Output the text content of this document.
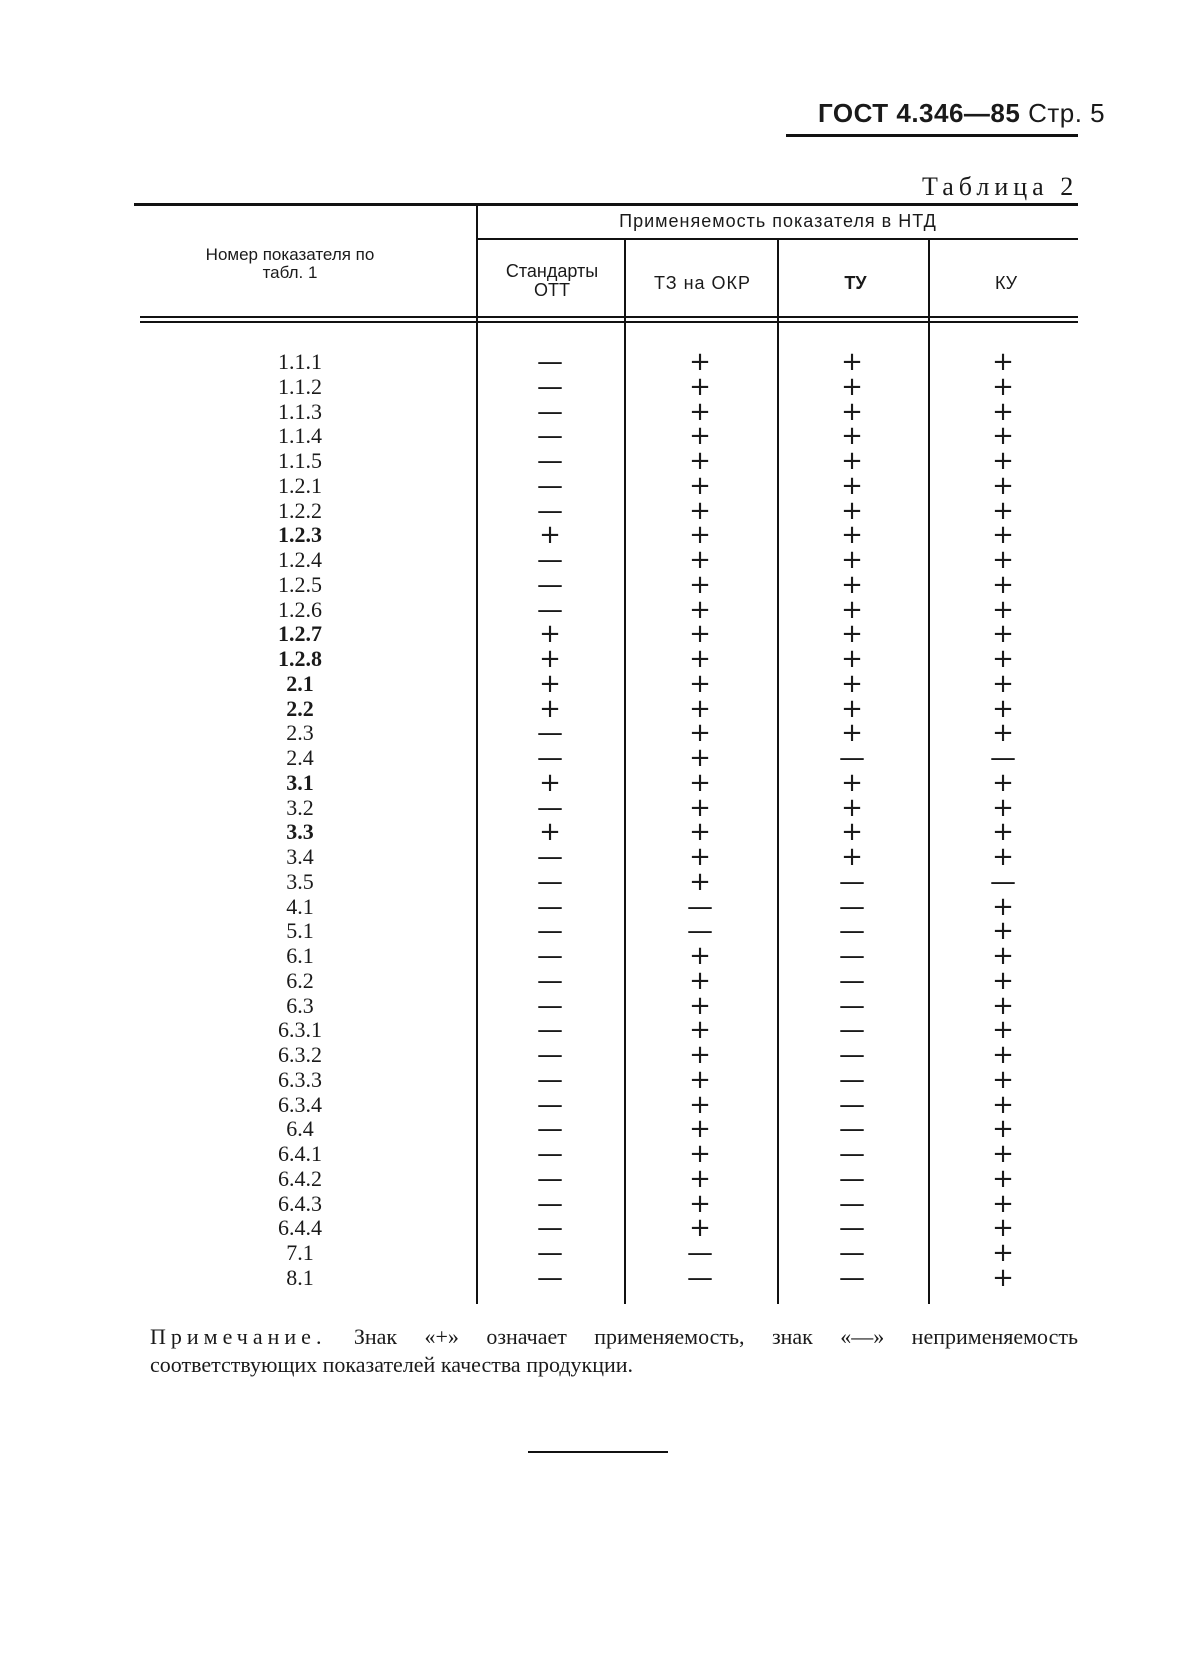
ГОСТ 4.346—85 Стр. 5
Таблица 2
Номер показателя по табл. 1
Применяемость показателя в НТД
Стандарты ОТТ	ТЗ на ОКР	ТУ	КУ
1.1.1	—	+	+	+
1.1.2	—	+	+	+
1.1.3	—	+	+	+
1.1.4	—	+	+	+
1.1.5	—	+	+	+
1.2.1	—	+	+	+
1.2.2	—	+	+	+
1.2.3	+	+	+	+
1.2.4	—	+	+	+
1.2.5	—	+	+	+
1.2.6	—	+	+	+
1.2.7	+	+	+	+
1.2.8	+	+	+	+
2.1	+	+	+	+
2.2	+	+	+	+
2.3	—	+	+	+
2.4	—	+	—	—
3.1	+	+	+	+
3.2	—	+	+	+
3.3	+	+	+	+
3.4	—	+	+	+
3.5	—	+	—	—
4.1	—	—	—	+
5.1	—	—	—	+
6.1	—	+	—	+
6.2	—	+	—	+
6.3	—	+	—	+
6.3.1	—	+	—	+
6.3.2	—	+	—	+
6.3.3	—	+	—	+
6.3.4	—	+	—	+
6.4	—	+	—	+
6.4.1	—	+	—	+
6.4.2	—	+	—	+
6.4.3	—	+	—	+
6.4.4	—	+	—	+
7.1	—	—	—	+
8.1	—	—	—	+
Примечание. Знак «+» означает применяемость, знак «—» неприменяемость соответствующих показателей качества продукции.
